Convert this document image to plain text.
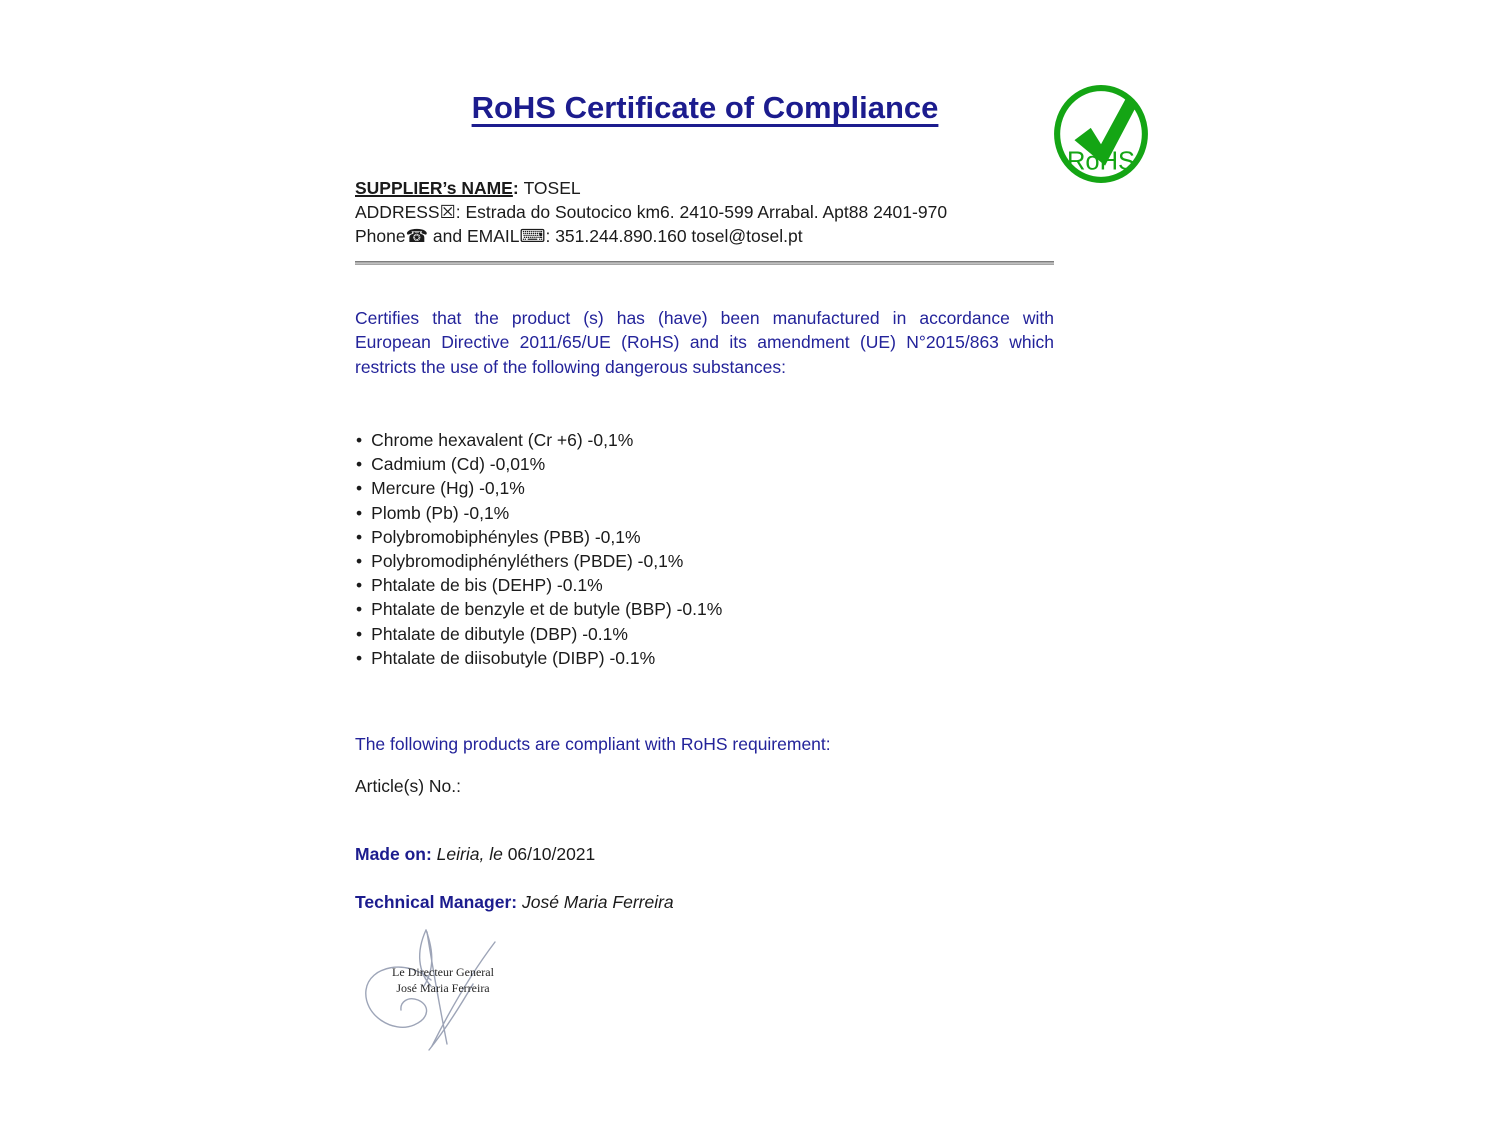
RoHS Certificate of Compliance
RoHS
SUPPLIER’s NAME: TOSEL
ADDRESS☒: Estrada do Soutocico km6. 2410-599 Arrabal. Apt88 2401-970
Phone☎ and EMAIL⌨: 351.244.890.160 tosel@tosel.pt
Certifies that the product (s) has (have) been manufactured in accordance with
European Directive 2011/65/UE (RoHS) and its amendment (UE) N°2015/863 which
restricts the use of the following dangerous substances:
• Chrome hexavalent (Cr +6) -0,1%
• Cadmium (Cd) -0,01%
• Mercure (Hg) -0,1%
• Plomb (Pb) -0,1%
• Polybromobiphényles (PBB) -0,1%
• Polybromodiphényléthers (PBDE) -0,1%
• Phtalate de bis (DEHP) -0.1%
• Phtalate de benzyle et de butyle (BBP) -0.1%
• Phtalate de dibutyle (DBP) -0.1%
• Phtalate de diisobutyle (DIBP) -0.1%
The following products are compliant with RoHS requirement:
Article(s) No.:
Made on: Leiria, le 06/10/2021
Technical Manager: José Maria Ferreira
Le Directeur General
José Maria Ferreira
